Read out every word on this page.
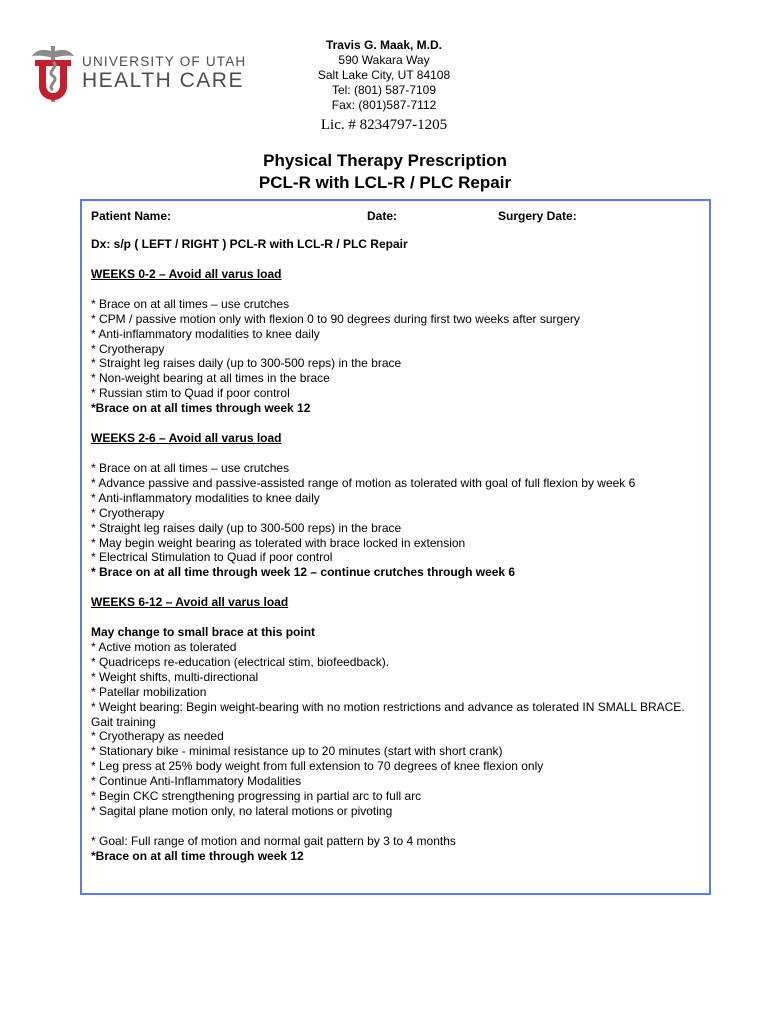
UNIVERSITY OF UTAH
HEALTH CARE
Travis G. Maak, M.D.
590 Wakara Way
Salt Lake City, UT 84108
Tel: (801) 587-7109
Fax: (801)587-7112
Lic. # 8234797-1205
Physical Therapy Prescription
PCL-R with LCL-R / PLC Repair
Patient Name:	Date:	Surgery Date:
Dx: s/p ( LEFT / RIGHT ) PCL-R with LCL-R / PLC Repair
WEEKS 0-2 – Avoid all varus load
* Brace on at all times – use crutches
* CPM / passive motion only with flexion 0 to 90 degrees during first two weeks after surgery
* Anti-inflammatory modalities to knee daily
* Cryotherapy
* Straight leg raises daily (up to 300-500 reps) in the brace
* Non-weight bearing at all times in the brace
* Russian stim to Quad if poor control
*Brace on at all times through week 12
WEEKS 2-6 – Avoid all varus load
* Brace on at all times – use crutches
* Advance passive and passive-assisted range of motion as tolerated with goal of full flexion by week 6
* Anti-inflammatory modalities to knee daily
* Cryotherapy
* Straight leg raises daily (up to 300-500 reps) in the brace
* May begin weight bearing as tolerated with brace locked in extension
* Electrical Stimulation to Quad if poor control
* Brace on at all time through week 12 – continue crutches through week 6
WEEKS 6-12 – Avoid all varus load
May change to small brace at this point
* Active motion as tolerated
* Quadriceps re-education (electrical stim, biofeedback).
* Weight shifts, multi-directional
* Patellar mobilization
* Weight bearing: Begin weight-bearing with no motion restrictions and advance as tolerated IN SMALL BRACE. Gait training
* Cryotherapy as needed
* Stationary bike - minimal resistance up to 20 minutes (start with short crank)
* Leg press at 25% body weight from full extension to 70 degrees of knee flexion only
* Continue Anti-Inflammatory Modalities
* Begin CKC strengthening progressing in partial arc to full arc
* Sagital plane motion only, no lateral motions or pivoting
* Goal: Full range of motion and normal gait pattern by 3 to 4 months
*Brace on at all time through week 12
